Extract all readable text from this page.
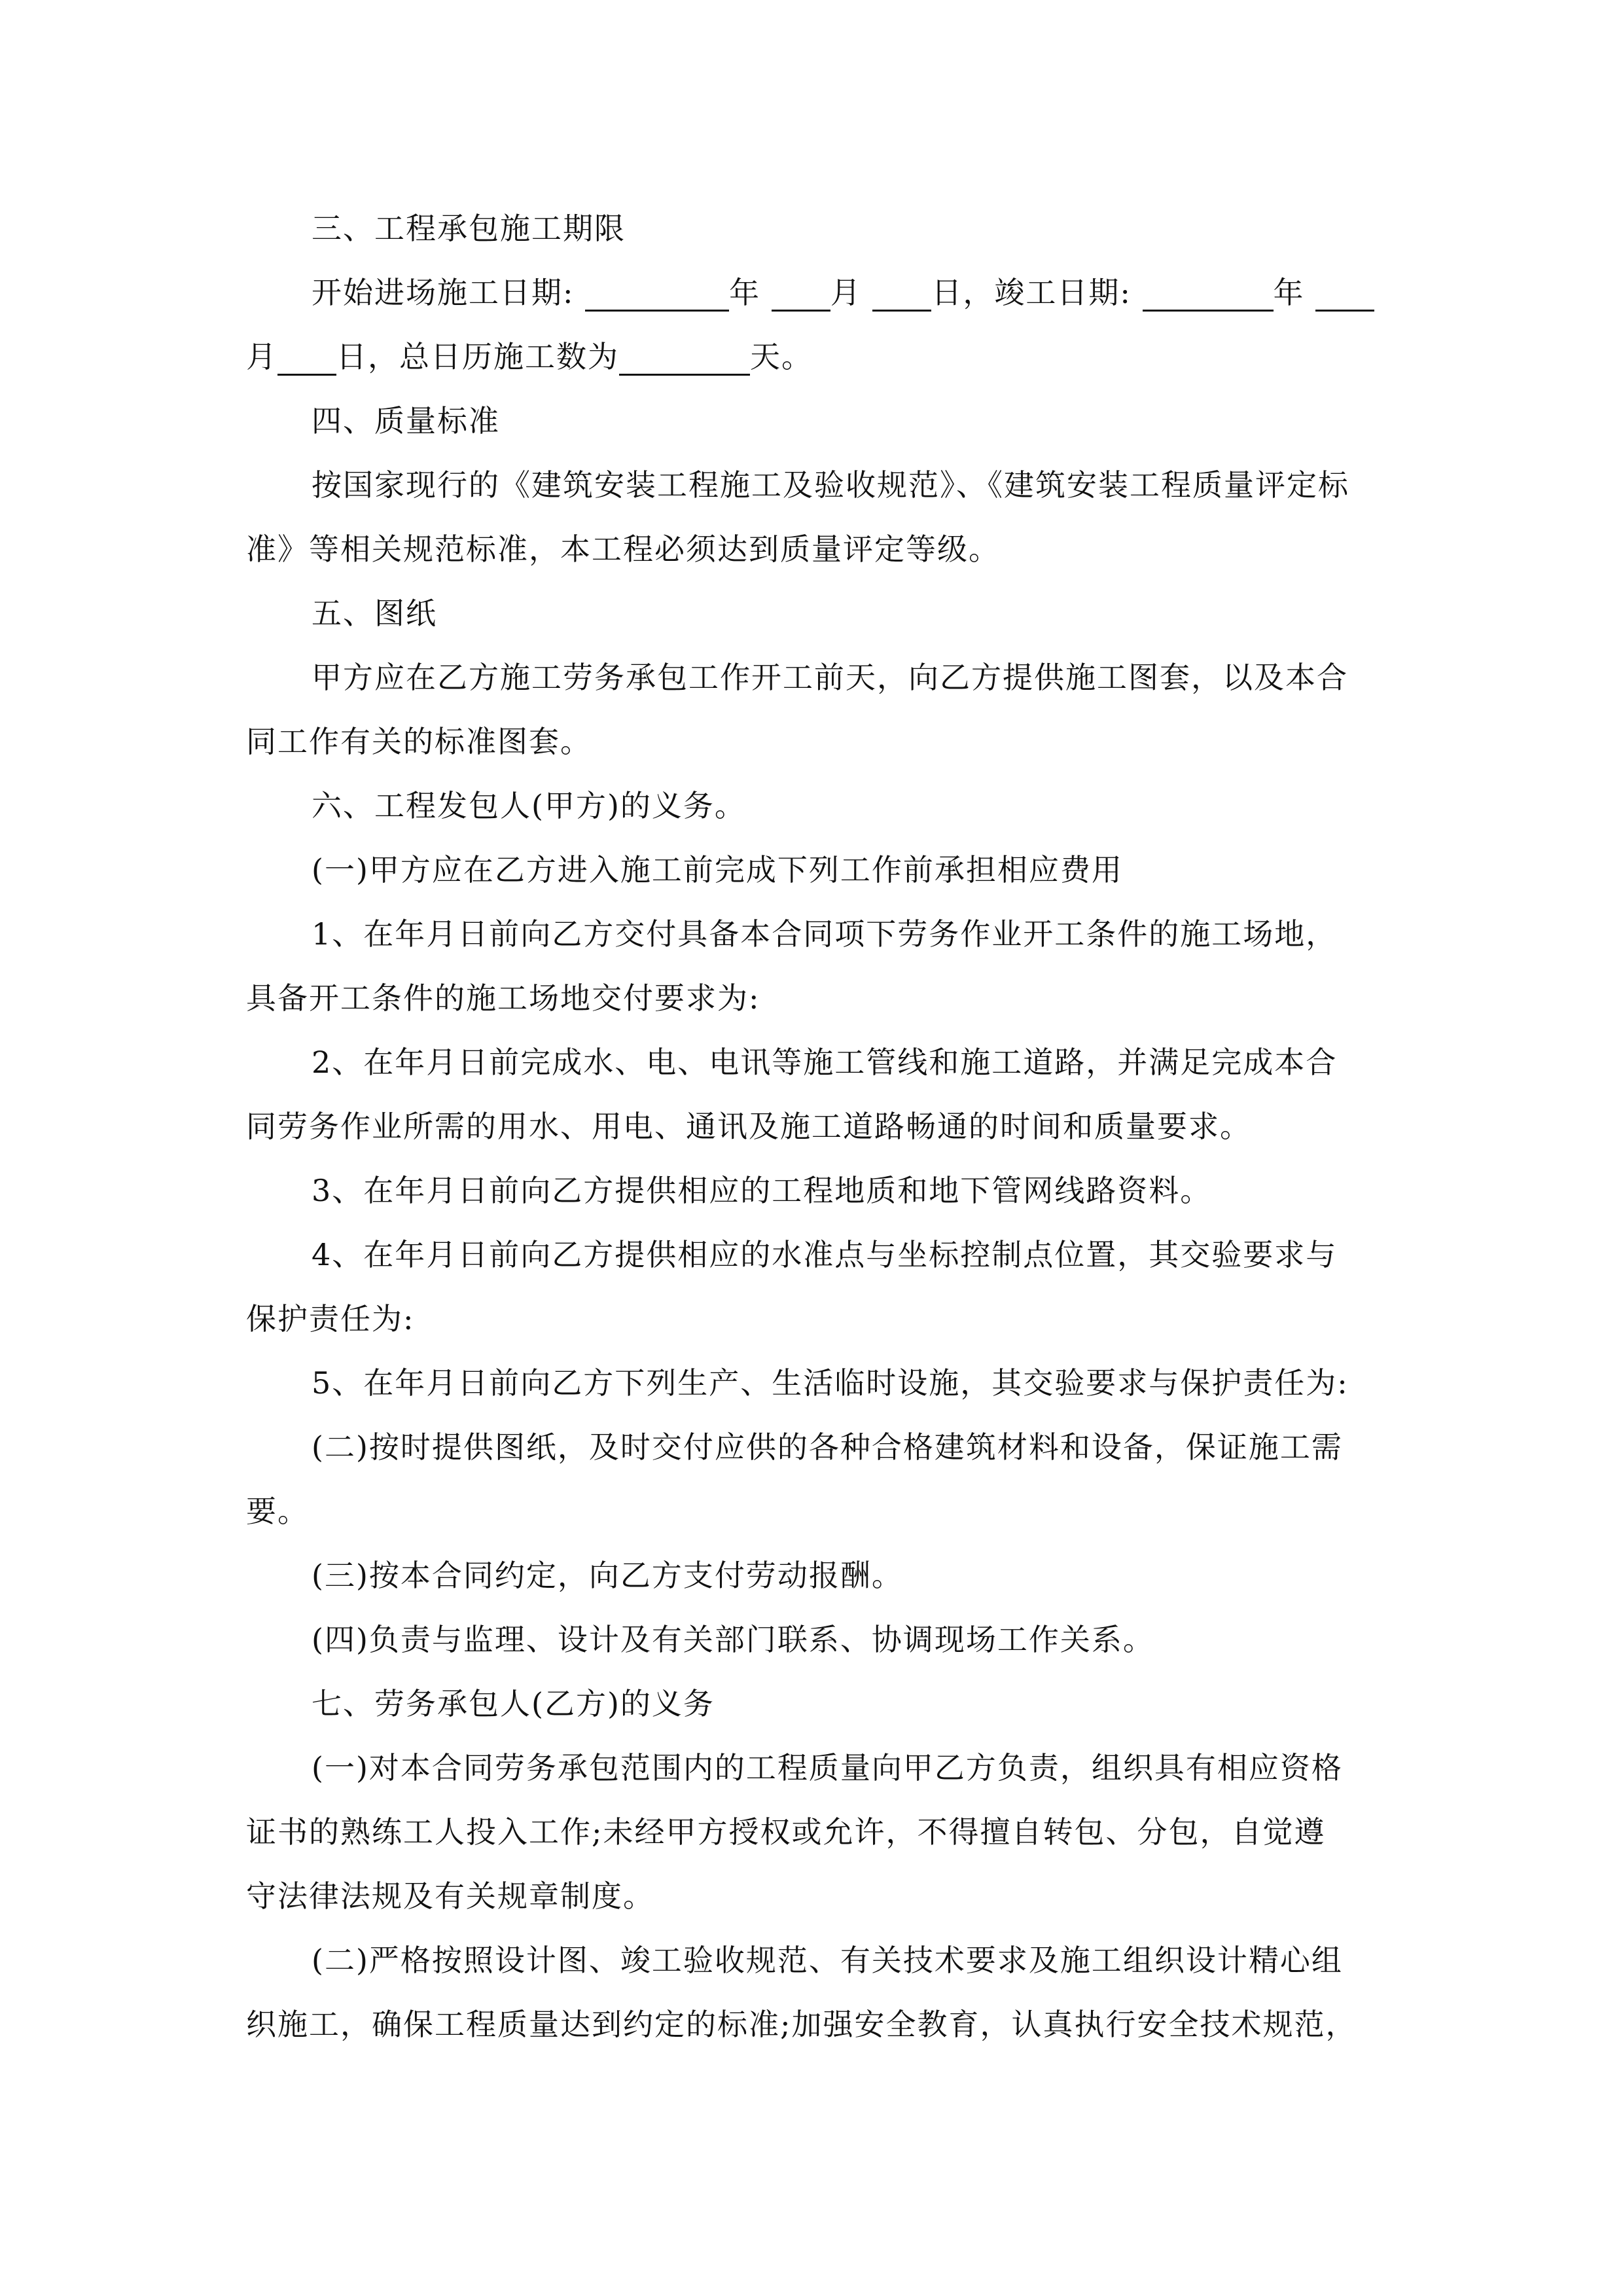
三、工程承包施工期限
开始进场施工日期:	年 月 日，竣工日期:	年
月 日，总日历施工数为	天。
四、质量标准
按国家现行的《建筑安装工程施工及验收规范》、《建筑安装工程质量评定标
准》等相关规范标准，本工程必须达到质量评定等级。
五、图纸
甲方应在乙方施工劳务承包工作开工前天，向乙方提供施工图套，以及本合
同工作有关的标准图套。
六、工程发包人(甲方)的义务。
(一)甲方应在乙方进入施工前完成下列工作前承担相应费用
1、在年月日前向乙方交付具备本合同项下劳务作业开工条件的施工场地，
具备开工条件的施工场地交付要求为:
2、在年月日前完成水、电、电讯等施工管线和施工道路，并满足完成本合
同劳务作业所需的用水、用电、通讯及施工道路畅通的时间和质量要求。
3、在年月日前向乙方提供相应的工程地质和地下管网线路资料。
4、在年月日前向乙方提供相应的水准点与坐标控制点位置，其交验要求与
保护责任为:
5、在年月日前向乙方下列生产、生活临时设施，其交验要求与保护责任为:
(二)按时提供图纸，及时交付应供的各种合格建筑材料和设备，保证施工需
要。
(三)按本合同约定，向乙方支付劳动报酬。
(四)负责与监理、设计及有关部门联系、协调现场工作关系。
七、劳务承包人(乙方)的义务
(一)对本合同劳务承包范围内的工程质量向甲乙方负责，组织具有相应资格
证书的熟练工人投入工作;未经甲方授权或允许，不得擅自转包、分包，自觉遵
守法律法规及有关规章制度。
(二)严格按照设计图、竣工验收规范、有关技术要求及施工组织设计精心组
织施工，确保工程质量达到约定的标准;加强安全教育，认真执行安全技术规范，
